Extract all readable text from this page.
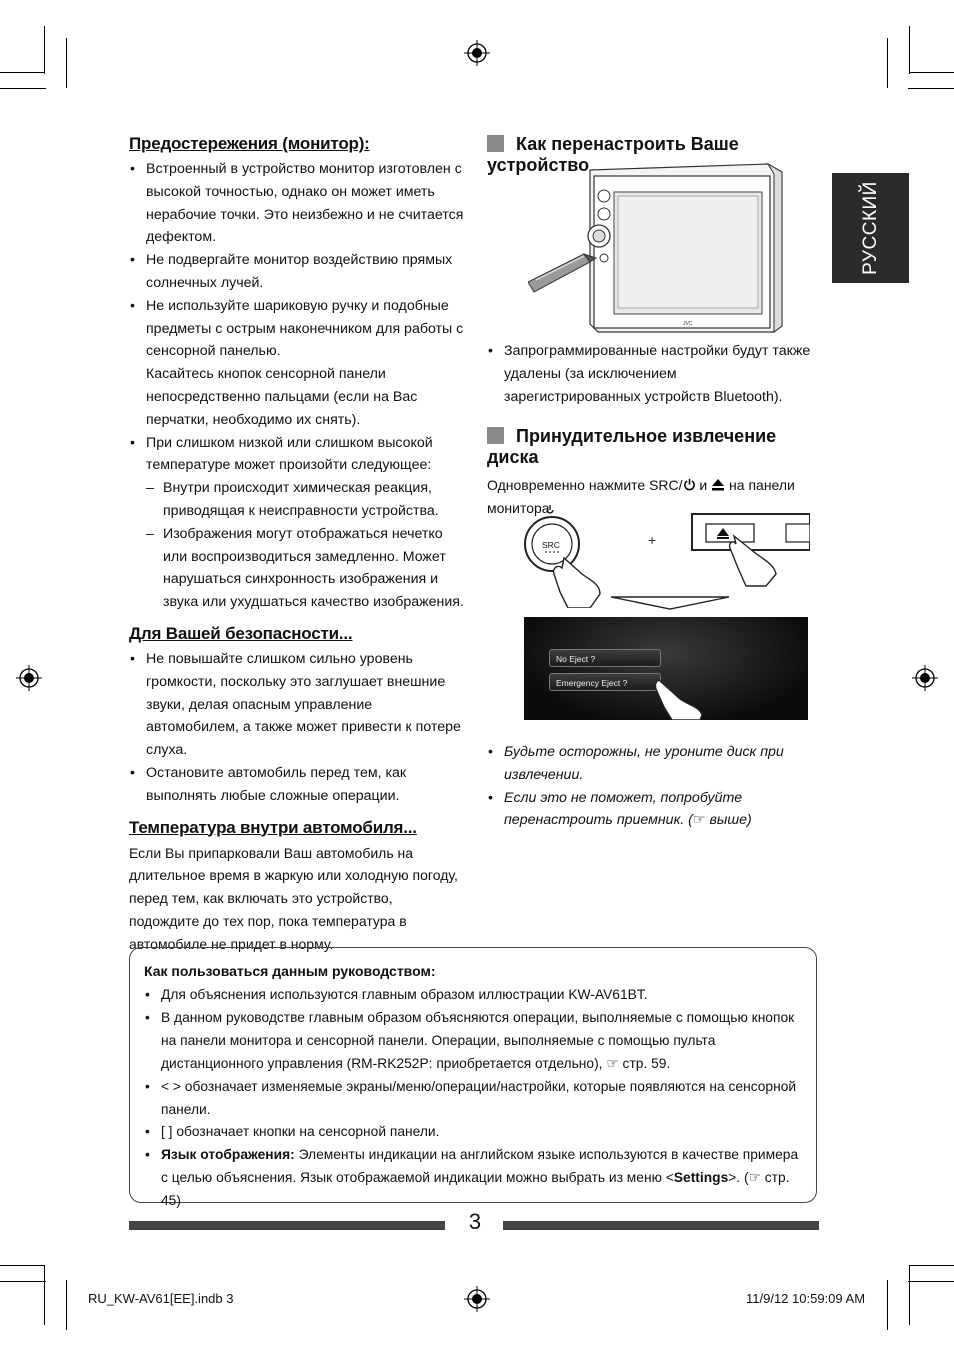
РУССКИЙ
Предостережения (монитор):
• Встроенный в устройство монитор изготовлен с высокой точностью, однако он может иметь нерабочие точки. Это неизбежно и не считается дефектом.
• Не подвергайте монитор воздействию прямых солнечных лучей.
• Не используйте шариковую ручку и подобные предметы с острым наконечником для работы с сенсорной панелью.
Касайтесь кнопок сенсорной панели непосредственно пальцами (если на Вас перчатки, необходимо их снять).
• При слишком низкой или слишком высокой температуре может произойти следующее:
– Внутри происходит химическая реакция, приводящая к неисправности устройства.
– Изображения могут отображаться нечетко или воспроизводиться замедленно. Может нарушаться синхронность изображения и звука или ухудшаться качество изображения.
Для Вашей безопасности...
• Не повышайте слишком сильно уровень громкости, поскольку это заглушает внешние звуки, делая опасным управление автомобилем, а также может привести к потере слуха.
• Остановите автомобиль перед тем, как выполнять любые сложные операции.
Температура внутри автомобиля...
Если Вы припарковали Ваш автомобиль на длительное время в жаркую или холодную погоду, перед тем, как включать это устройство, подождите до тех пор, пока температура в автомобиле не придет в норму.
Как перенастроить Ваше устройство
JVC
• Запрограммированные настройки будут также удалены (за исключением зарегистрированных устройств Bluetooth).
Принудительное извлечение диска
Одновременно нажмите SRC/ и  на панели монитора.
SRC	+
No Eject ?
Emergency Eject ?
• Будьте осторожны, не уроните диск при извлечении.
• Если это не поможет, попробуйте перенастроить приемник. (☞ выше)
Как пользоваться данным руководством:
• Для объяснения используются главным образом иллюстрации KW-AV61BT.
• В данном руководстве главным образом объясняются операции, выполняемые с помощью кнопок на панели монитора и сенсорной панели. Операции, выполняемые с помощью пульта дистанционного управления (RM-RK252P: приобретается отдельно), ☞ стр. 59.
• < > обозначает изменяемые экраны/меню/операции/настройки, которые появляются на сенсорной панели.
• [ ] обозначает кнопки на сенсорной панели.
• Язык отображения: Элементы индикации на английском языке используются в качестве примера с целью объяснения. Язык отображаемой индикации можно выбрать из меню <Settings>. (☞ стр. 45)
3
RU_KW-AV61[EE].indb 3	11/9/12 10:59:09 AM
